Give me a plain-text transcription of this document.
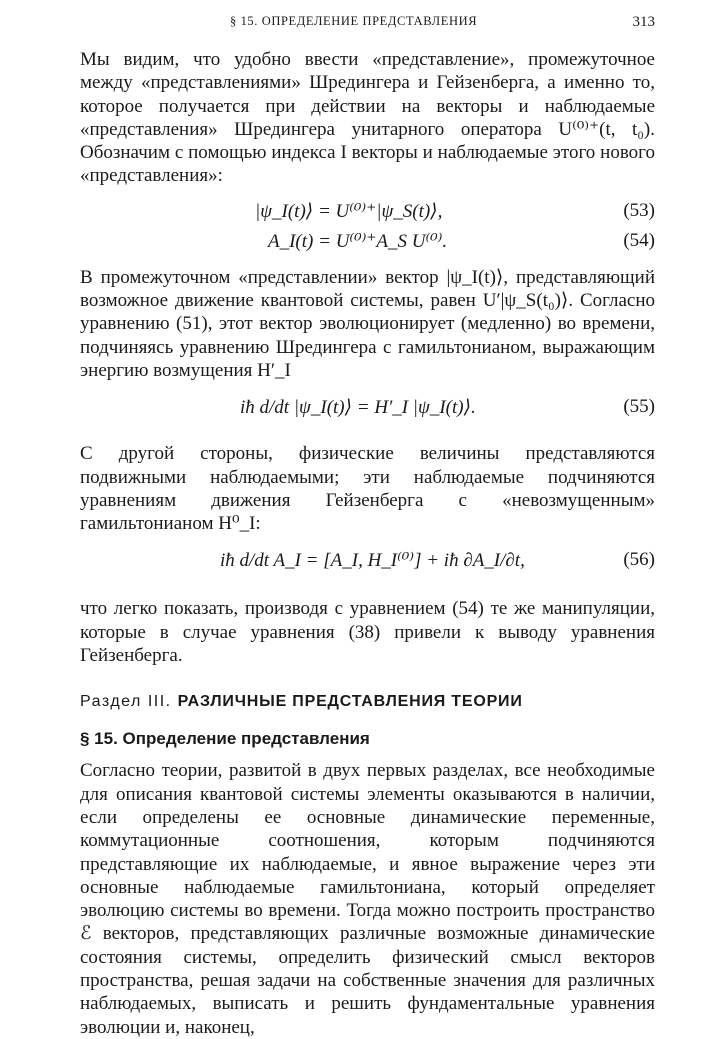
§ 15. ОПРЕДЕЛЕНИЕ ПРЕДСТАВЛЕНИЯ	313

Мы видим, что удобно ввести «представление», промежуточное между «представлениями» Шредингера и Гейзенберга, а именно то, которое получается при действии на векторы и наблюдаемые «представления» Шредингера унитарного оператора U⁽⁰⁾⁺(t, t₀). Обозначим с помощью индекса I векторы и наблюдаемые этого нового «представления»:

|ψ_I(t)⟩ = U⁽⁰⁾⁺|ψ_S(t)⟩,	(53)
A_I(t) = U⁽⁰⁾⁺A_S U⁽⁰⁾.	(54)

В промежуточном «представлении» вектор |ψ_I(t)⟩, представляющий возможное движение квантовой системы, равен U′|ψ_S(t₀)⟩. Согласно уравнению (51), этот вектор эволюционирует (медленно) во времени, подчиняясь уравнению Шредингера с гамильтонианом, выражающим энергию возмущения H′_I

iħ d/dt |ψ_I(t)⟩ = H′_I |ψ_I(t)⟩.	(55)

С другой стороны, физические величины представляются подвижными наблюдаемыми; эти наблюдаемые подчиняются уравнениям движения Гейзенберга с «невозмущенным» гамильтонианом H⁰_I:

iħ d/dt A_I = [A_I, H_I⁽⁰⁾] + iħ ∂A_I/∂t,	(56)

что легко показать, производя с уравнением (54) те же манипуляции, которые в случае уравнения (38) привели к выводу уравнения Гейзенберга.

Раздел III. РАЗЛИЧНЫЕ ПРЕДСТАВЛЕНИЯ ТЕОРИИ
§ 15. Определение представления

Согласно теории, развитой в двух первых разделах, все необходимые для описания квантовой системы элементы оказываются в наличии, если определены ее основные динамические переменные, коммутационные соотношения, которым подчиняются представляющие их наблюдаемые, и явное выражение через эти основные наблюдаемые гамильтониана, который определяет эволюцию системы во времени. Тогда можно построить пространство ℰ векторов, представляющих различные возможные динамические состояния системы, определить физический смысл векторов пространства, решая задачи на собственные значения для различных наблюдаемых, выписать и решить фундаментальные уравнения эволюции и, наконец,
